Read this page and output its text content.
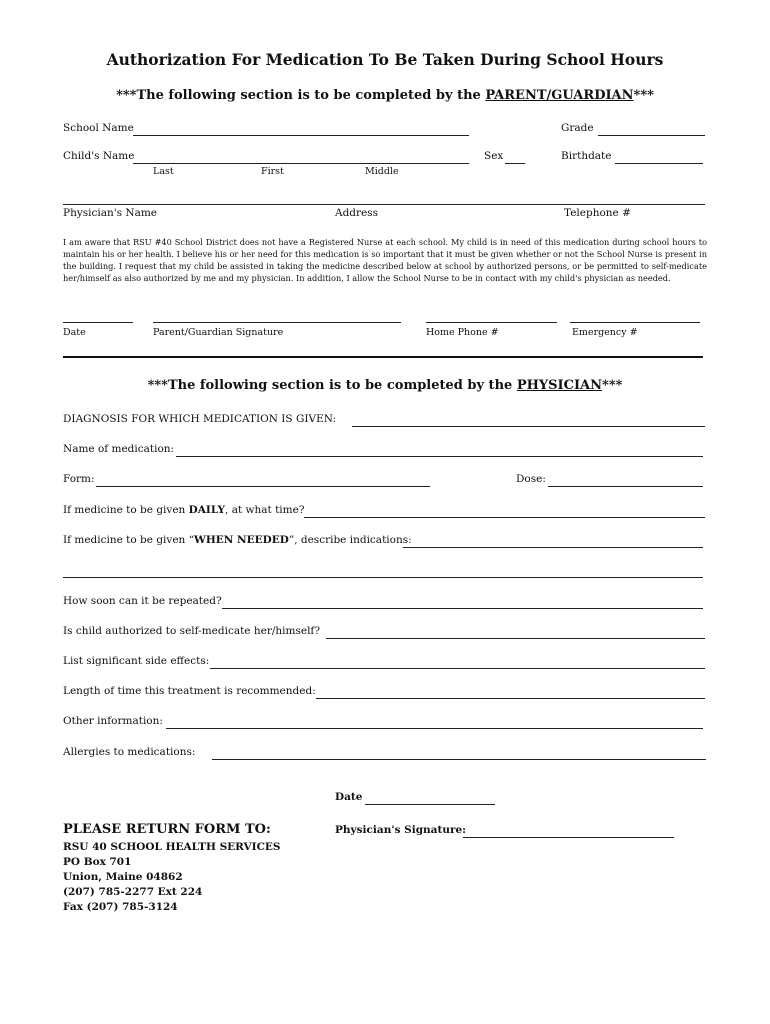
Authorization For Medication To Be Taken During School Hours
***The following section is to be completed by the PARENT/GUARDIAN***
School Name	Grade
Child's Name	Sex	Birthdate
Last	First	Middle
Physician's Name	Address	Telephone #
I am aware that RSU #40 School District does not have a Registered Nurse at each school. My child is in need of this medication during school hours to maintain his or her health. I believe his or her need for this medication is so important that it must be given whether or not the School Nurse is present in the building. I request that my child be assisted in taking the medicine described below at school by authorized persons, or be permitted to self-medicate her/himself as also authorized by me and my physician. In addition, I allow the School Nurse to be in contact with my child's physician as needed.
Date	Parent/Guardian Signature	Home Phone #	Emergency #
***The following section is to be completed by the PHYSICIAN***
DIAGNOSIS FOR WHICH MEDICATION IS GIVEN:
Name of medication:
Form:	Dose:
If medicine to be given DAILY, at what time?
If medicine to be given “WHEN NEEDED”, describe indications:
How soon can it be repeated?
Is child authorized to self-medicate her/himself?
List significant side effects:
Length of time this treatment is recommended:
Other information:
Allergies to medications:
Date
PLEASE RETURN FORM TO:
RSU 40 SCHOOL HEALTH SERVICES
PO Box 701
Union, Maine 04862
(207) 785-2277 Ext 224
Fax (207) 785-3124
Physician's Signature:
